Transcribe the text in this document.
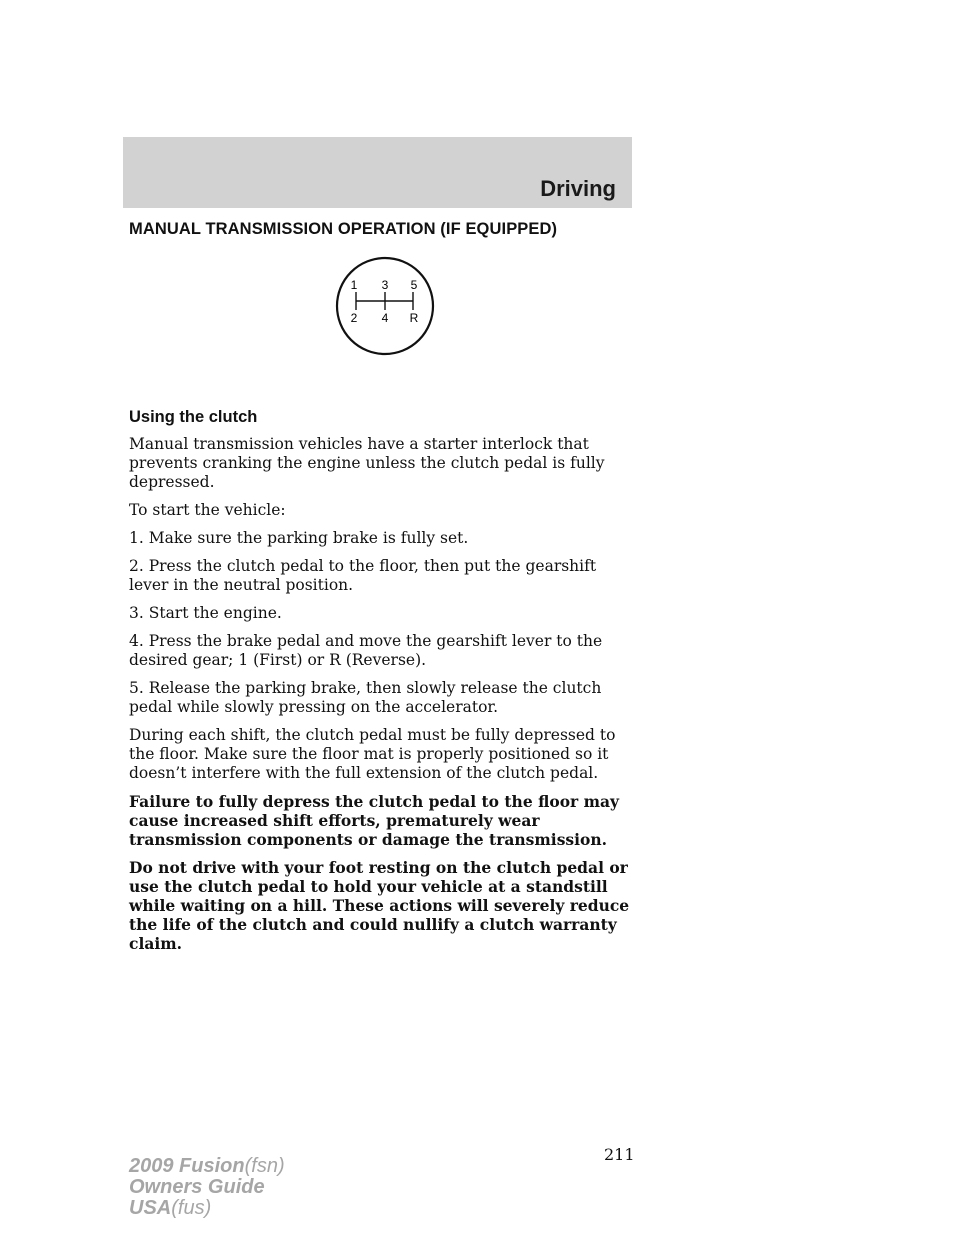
Driving
MANUAL TRANSMISSION OPERATION (IF EQUIPPED)
1 3 5
2 4 R
Using the clutch

Manual transmission vehicles have a starter interlock that prevents cranking the engine unless the clutch pedal is fully depressed.

To start the vehicle:

1. Make sure the parking brake is fully set.

2. Press the clutch pedal to the floor, then put the gearshift lever in the neutral position.

3. Start the engine.

4. Press the brake pedal and move the gearshift lever to the desired gear; 1 (First) or R (Reverse).

5. Release the parking brake, then slowly release the clutch pedal while slowly pressing on the accelerator.

During each shift, the clutch pedal must be fully depressed to the floor. Make sure the floor mat is properly positioned so it doesn’t interfere with the full extension of the clutch pedal.

Failure to fully depress the clutch pedal to the floor may cause increased shift efforts, prematurely wear transmission components or damage the transmission.

Do not drive with your foot resting on the clutch pedal or use the clutch pedal to hold your vehicle at a standstill while waiting on a hill. These actions will severely reduce the life of the clutch and could nullify a clutch warranty claim.

211
2009 Fusion(fsn)
Owners Guide
USA(fus)
